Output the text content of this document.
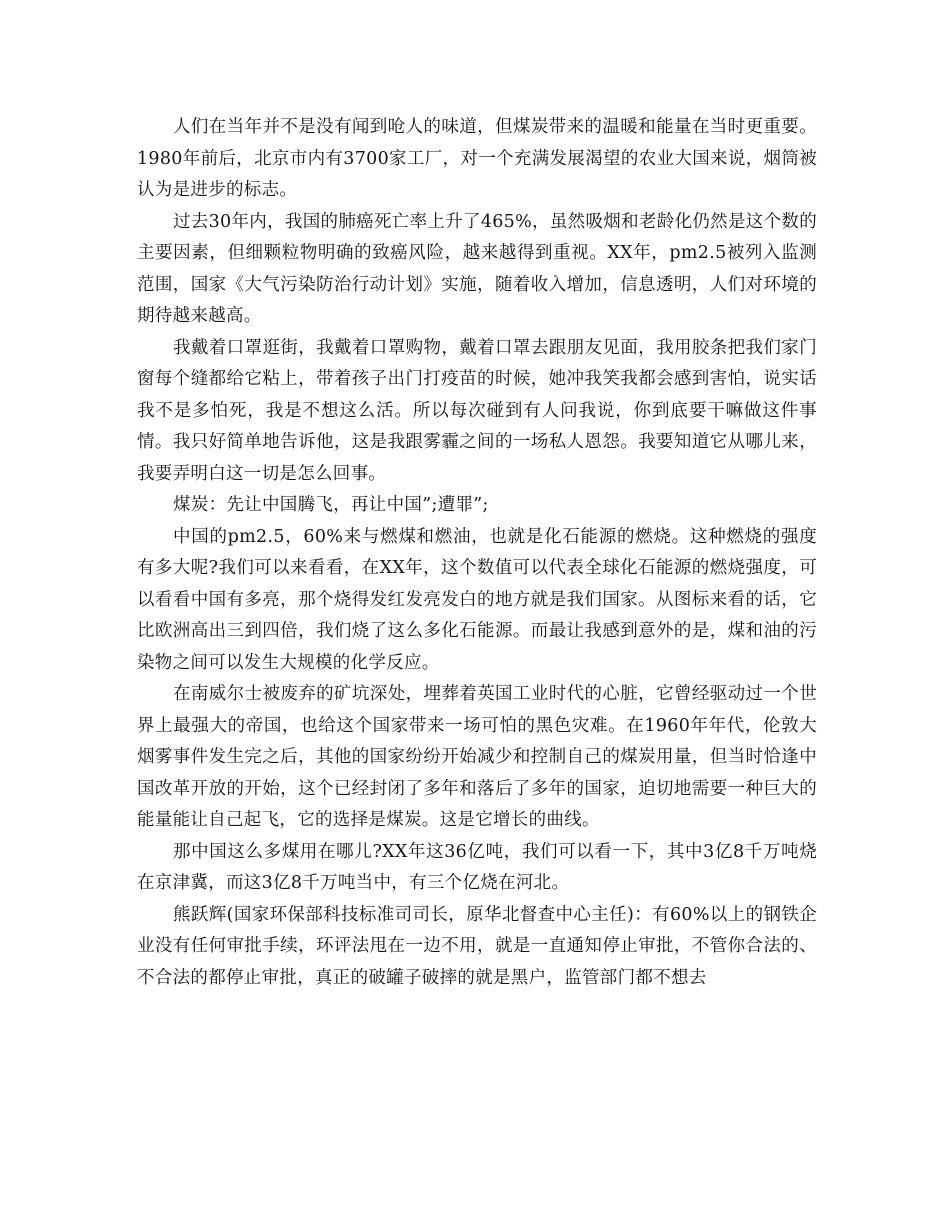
人们在当年并不是没有闻到呛人的味道，但煤炭带来的温暖和能量在当时更重要。1980年前后，北京市内有3700家工厂，对一个充满发展渴望的农业大国来说，烟筒被认为是进步的标志。

过去30年内，我国的肺癌死亡率上升了465%，虽然吸烟和老龄化仍然是这个数的主要因素，但细颗粒物明确的致癌风险，越来越得到重视。XX年，pm2.5被列入监测范围，国家《大气污染防治行动计划》实施，随着收入增加，信息透明，人们对环境的期待越来越高。

我戴着口罩逛街，我戴着口罩购物，戴着口罩去跟朋友见面，我用胶条把我们家门窗每个缝都给它粘上，带着孩子出门打疫苗的时候，她冲我笑我都会感到害怕，说实话我不是多怕死，我是不想这么活。所以每次碰到有人问我说，你到底要干嘛做这件事情。我只好简单地告诉他，这是我跟雾霾之间的一场私人恩怨。我要知道它从哪儿来，我要弄明白这一切是怎么回事。

煤炭：先让中国腾飞，再让中国”;遭罪”;

中国的pm2.5，60%来与燃煤和燃油，也就是化石能源的燃烧。这种燃烧的强度有多大呢?我们可以来看看，在XX年，这个数值可以代表全球化石能源的燃烧强度，可以看看中国有多亮，那个烧得发红发亮发白的地方就是我们国家。从图标来看的话，它比欧洲高出三到四倍，我们烧了这么多化石能源。而最让我感到意外的是，煤和油的污染物之间可以发生大规模的化学反应。

在南威尔士被废弃的矿坑深处，埋葬着英国工业时代的心脏，它曾经驱动过一个世界上最强大的帝国，也给这个国家带来一场可怕的黑色灾难。在1960年年代，伦敦大烟雾事件发生完之后，其他的国家纷纷开始减少和控制自己的煤炭用量，但当时恰逢中国改革开放的开始，这个已经封闭了多年和落后了多年的国家，迫切地需要一种巨大的能量能让自己起飞，它的选择是煤炭。这是它增长的曲线。

那中国这么多煤用在哪儿?XX年这36亿吨，我们可以看一下，其中3亿8千万吨烧在京津冀，而这3亿8千万吨当中，有三个亿烧在河北。

熊跃辉(国家环保部科技标准司司长，原华北督查中心主任)：有60%以上的钢铁企业没有任何审批手续，环评法甩在一边不用，就是一直通知停止审批，不管你合法的、不合法的都停止审批，真正的破罐子破摔的就是黑户，监管部门都不想去
